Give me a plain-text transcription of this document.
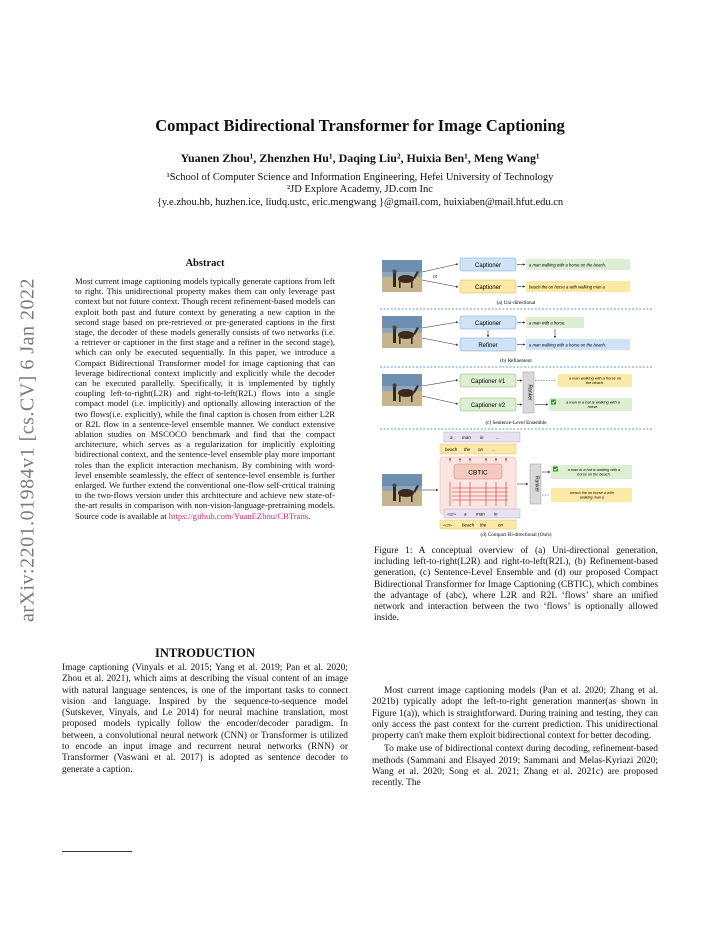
arXiv:2201.01984v1 [cs.CV] 6 Jan 2022
Compact Bidirectional Transformer for Image Captioning
Yuanen Zhou¹, Zhenzhen Hu¹, Daqing Liu², Huixia Ben¹, Meng Wang¹
¹School of Computer Science and Information Engineering, Hefei University of Technology
²JD Explore Academy, JD.com Inc
{y.e.zhou.hb, huzhen.ice, liudq.ustc, eric.mengwang }@gmail.com, huixiaben@mail.hfut.edu.cn
Abstract
Most current image captioning models typically generate captions from left to right. This unidirectional property makes them can only leverage past context but not future context. Though recent refinement-based models can exploit both past and future context by generating a new caption in the second stage based on pre-retrieved or pre-generated captions in the first stage, the decoder of these models generally consists of two networks (i.e. a retriever or captioner in the first stage and a refiner in the second stage), which can only be executed sequentially. In this paper, we introduce a Compact Bidirectional Transformer model for image captioning that can leverage bidirectional context implicitly and explicitly while the decoder can be executed parallelly. Specifically, it is implemented by tightly coupling left-to-right(L2R) and right-to-left(R2L) flows into a single compact model (i.e. implicitly) and optionally allowing interaction of the two flows(i.e. explicitly), while the final caption is chosen from either L2R or R2L flow in a sentence-level ensemble manner. We conduct extensive ablation studies on MSCOCO benchmark and find that the compact architecture, which serves as a regularization for implicitly exploiting bidirectional context, and the sentence-level ensemble play more important roles than the explicit interaction mechanism. By combining with word-level ensemble seamlessly, the effect of sentence-level ensemble is further enlarged. We further extend the conventional one-flow self-critical training to the two-flows version under this architecture and achieve new state-of-the-art results in comparison with non-vision-language-pretraining models. Source code is available at https://github.com/YuanEZhou/CBTrans.
INTRODUCTION

Image captioning (Vinyals et al. 2015; Yang et al. 2019; Pan et al. 2020; Zhou et al. 2021), which aims at describing the visual content of an image with natural language sentences, is one of the important tasks to connect vision and language. Inspired by the sequence-to-sequence model (Sutskever, Vinyals, and Le 2014) for neural machine translation, most proposed models typically follow the encoder/decoder paradigm. In between, a convolutional neural network (CNN) or Transformer is utilized to encode an input image and recurrent neural networks (RNN) or Transformer (Vaswani et al. 2017) is adopted as sentence decoder to generate a caption.

Most current image captioning models (Pan et al. 2020; Zhang et al. 2021b) typically adopt the left-to-right generation manner(as shown in Figure 1(a)), which is straightforward. During training and testing, they can only access the past context for the current prediction. This unidirectional property can't make them exploit bidirectional context for better decoding.

To make use of bidirectional context during decoding, refinement-based methods (Sammani and Elsayed 2019; Sammani and Melas-Kyriazi 2020; Wang et al. 2020; Song et al. 2021; Zhang et al. 2021c) are proposed recently. The

or
Captioner
Captioner
a man walking with a horse on the beach.
beach the on horse a with walking man a
(a) Uni-directional
Captioner
Refiner
a man with a horse.
a man walking with a horse on the beach.
(b) Refinement
Captioner #1
Captioner #2
Ranker
a man walking with a horse on the beach.
a man in a hat is walking with a horse.
(c) Sentence-Level Ensemble
a man in	...
beach the on ...
CBTIC
<l2r> a man in
<r2l> beach the	on
Ranker
a man in a hat is walking with a horse on the beach.
beach the on horse a with walking man a
(d) Compact Bi-directional (Ours)
Figure 1: A conceptual overview of (a) Uni-directional generation, including left-to-right(L2R) and right-to-left(R2L), (b) Refinement-based generation, (c) Sentence-Level Ensemble and (d) our proposed Compact Bidirectional Transformer for Image Captioning (CBTIC), which combines the advantage of (abc), where L2R and R2L ‘flows’ share an unified network and interaction between the two ‘flows’ is optionally allowed inside.
